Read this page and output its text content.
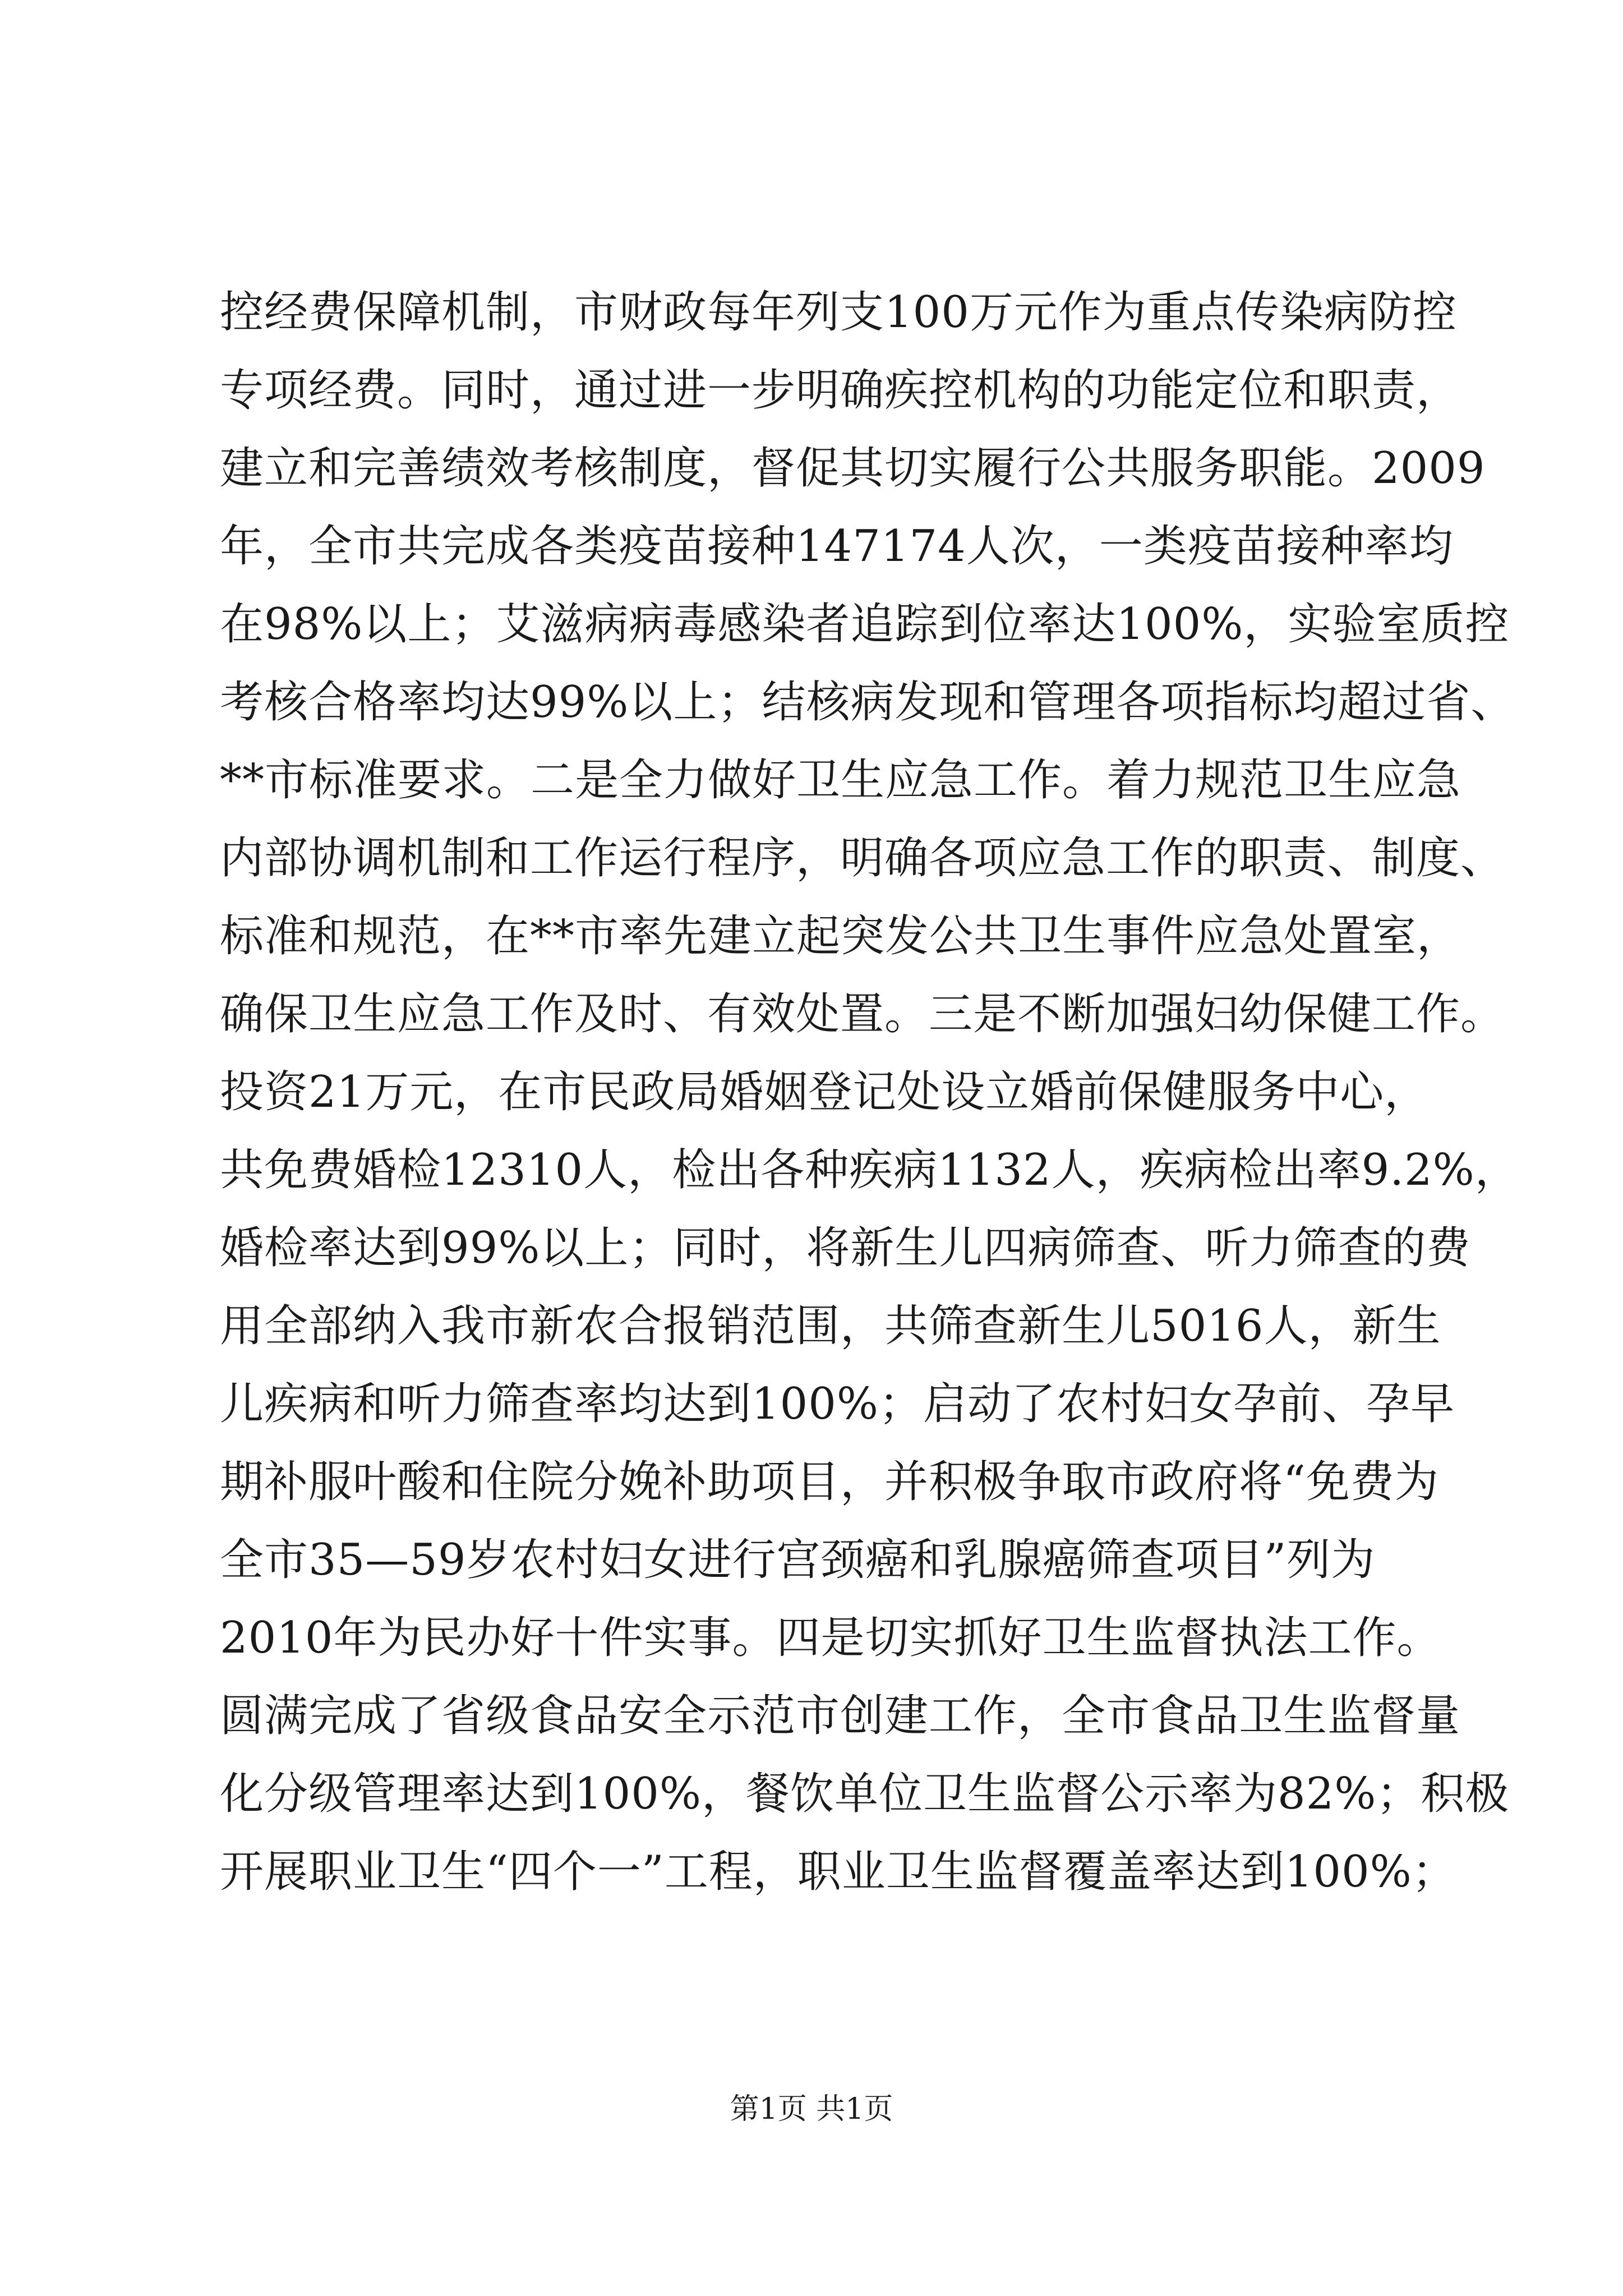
控经费保障机制，市财政每年列支100万元作为重点传染病防控
专项经费。同时，通过进一步明确疾控机构的功能定位和职责，
建立和完善绩效考核制度，督促其切实履行公共服务职能。2009
年，全市共完成各类疫苗接种147174人次，一类疫苗接种率均
在98%以上；艾滋病病毒感染者追踪到位率达100%，实验室质控
考核合格率均达99%以上；结核病发现和管理各项指标均超过省、
**市标准要求。二是全力做好卫生应急工作。着力规范卫生应急
内部协调机制和工作运行程序，明确各项应急工作的职责、制度、
标准和规范，在**市率先建立起突发公共卫生事件应急处置室，
确保卫生应急工作及时、有效处置。三是不断加强妇幼保健工作。
投资21万元，在市民政局婚姻登记处设立婚前保健服务中心，
共免费婚检12310人，检出各种疾病1132人，疾病检出率9.2%，
婚检率达到99%以上；同时，将新生儿四病筛查、听力筛查的费
用全部纳入我市新农合报销范围，共筛查新生儿5016人，新生
儿疾病和听力筛查率均达到100%；启动了农村妇女孕前、孕早
期补服叶酸和住院分娩补助项目，并积极争取市政府将“免费为
全市35—59岁农村妇女进行宫颈癌和乳腺癌筛查项目”列为
2010年为民办好十件实事。四是切实抓好卫生监督执法工作。
圆满完成了省级食品安全示范市创建工作，全市食品卫生监督量
化分级管理率达到100%，餐饮单位卫生监督公示率为82%；积极
开展职业卫生“四个一”工程，职业卫生监督覆盖率达到100%；
第1页 共1页
